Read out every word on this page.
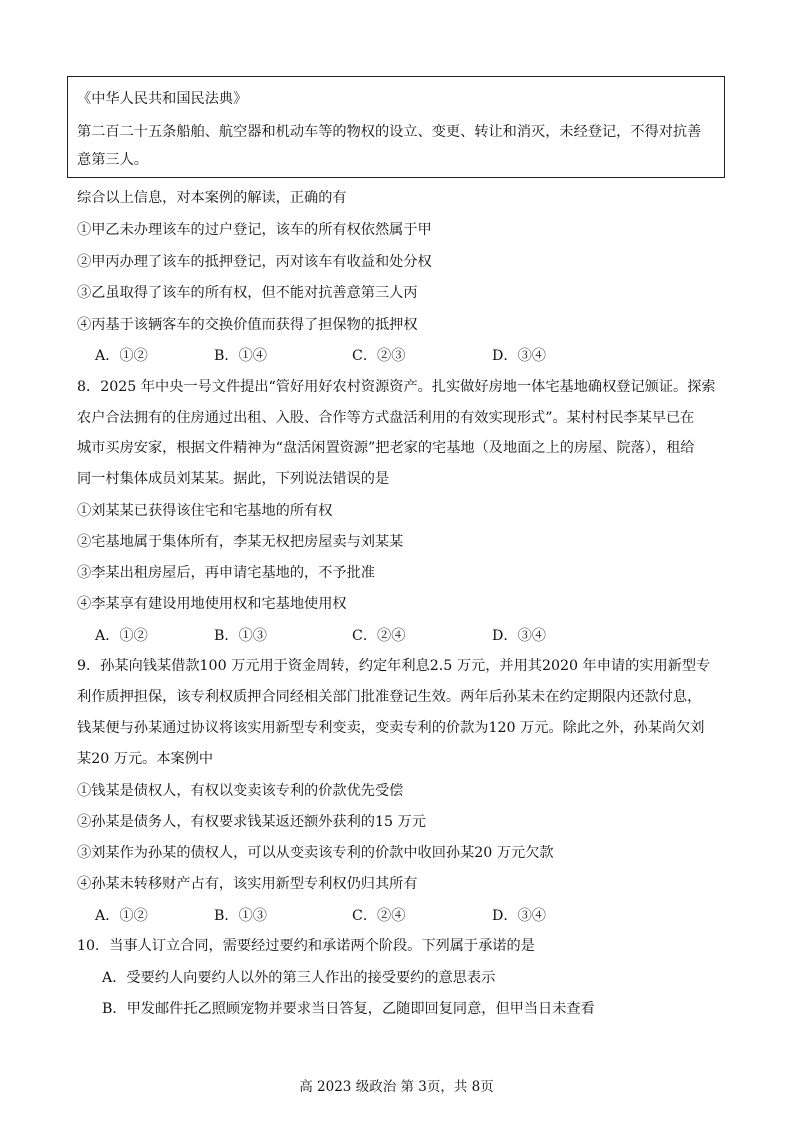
《中华人民共和国民法典》
第二百二十五条船舶、航空器和机动车等的物权的设立、变更、转让和消灭，未经登记，不得对抗善
意第三人。
综合以上信息，对本案例的解读，正确的有
①甲乙未办理该车的过户登记，该车的所有权依然属于甲
②甲丙办理了该车的抵押登记，丙对该车有收益和处分权
③乙虽取得了该车的所有权，但不能对抗善意第三人丙
④丙基于该辆客车的交换价值而获得了担保物的抵押权
A．①②	B．①④	C．②③	D．③④
8．2025 年中央一号文件提出“管好用好农村资源资产。扎实做好房地一体宅基地确权登记颁证。探索
农户合法拥有的住房通过出租、入股、合作等方式盘活利用的有效实现形式”。某村村民李某早已在
城市买房安家，根据文件精神为“盘活闲置资源”把老家的宅基地（及地面之上的房屋、院落），租给
同一村集体成员刘某某。据此，下列说法错误的是
①刘某某已获得该住宅和宅基地的所有权
②宅基地属于集体所有，李某无权把房屋卖与刘某某
③李某出租房屋后，再申请宅基地的，不予批准
④李某享有建设用地使用权和宅基地使用权
A．①②	B．①③	C．②④	D．③④
9．孙某向钱某借款100 万元用于资金周转，约定年利息2.5 万元，并用其2020 年申请的实用新型专
利作质押担保，该专利权质押合同经相关部门批准登记生效。两年后孙某未在约定期限内还款付息，
钱某便与孙某通过协议将该实用新型专利变卖，变卖专利的价款为120 万元。除此之外，孙某尚欠刘
某20 万元。本案例中
①钱某是债权人，有权以变卖该专利的价款优先受偿
②孙某是债务人，有权要求钱某返还额外获利的15 万元
③刘某作为孙某的债权人，可以从变卖该专利的价款中收回孙某20 万元欠款
④孙某未转移财产占有，该实用新型专利权仍归其所有
A．①②	B．①③	C．②④	D．③④
10．当事人订立合同，需要经过要约和承诺两个阶段。下列属于承诺的是
A．受要约人向要约人以外的第三人作出的接受要约的意思表示
B．甲发邮件托乙照顾宠物并要求当日答复，乙随即回复同意，但甲当日未查看
高 2023 级政治 第 3页，共 8页
